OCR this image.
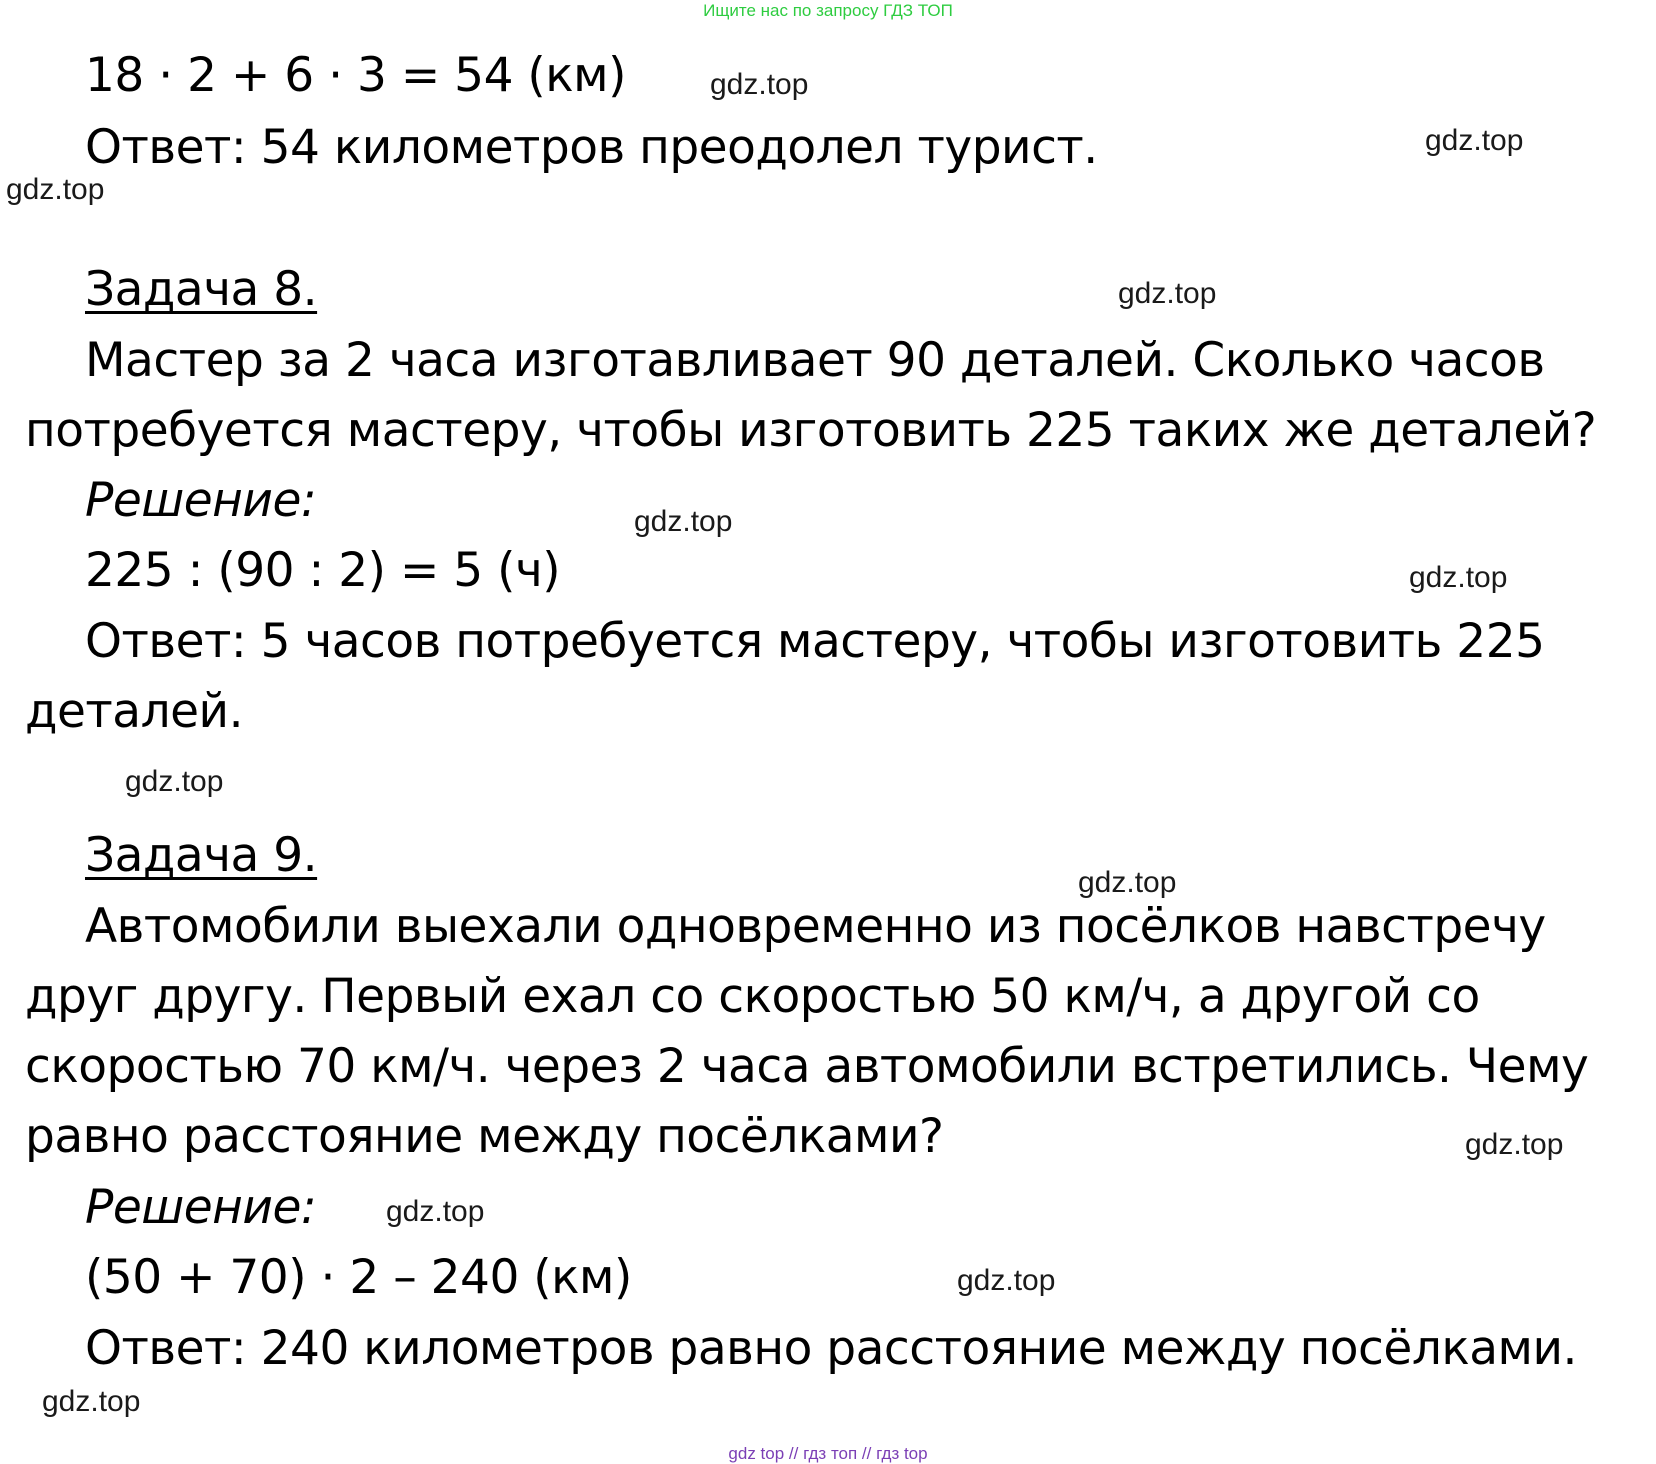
Ищите нас по запросу ГДЗ ТОП
18 · 2 + 6 · 3 = 54 (км)
Ответ: 54 километров преодолел турист.
Задача 8.
Мастер за 2 часа изготавливает 90 деталей. Сколько часов
потребуется мастеру, чтобы изготовить 225 таких же деталей?
Решение:
225 : (90 : 2) = 5 (ч)
Ответ: 5 часов потребуется мастеру, чтобы изготовить 225
деталей.
Задача 9.
Автомобили выехали одновременно из посёлков навстречу
друг другу. Первый ехал со скоростью 50 км/ч, а другой со
скоростью 70 км/ч. через 2 часа автомобили встретились. Чему
равно расстояние между посёлками?
Решение:
(50 + 70) · 2 – 240 (км)
Ответ: 240 километров равно расстояние между посёлками.
gdz.top
gdz.top
gdz.top
gdz.top
gdz.top
gdz.top
gdz.top
gdz.top
gdz.top
gdz.top
gdz.top
gdz.top
gdz top // гдз топ // гдз top
